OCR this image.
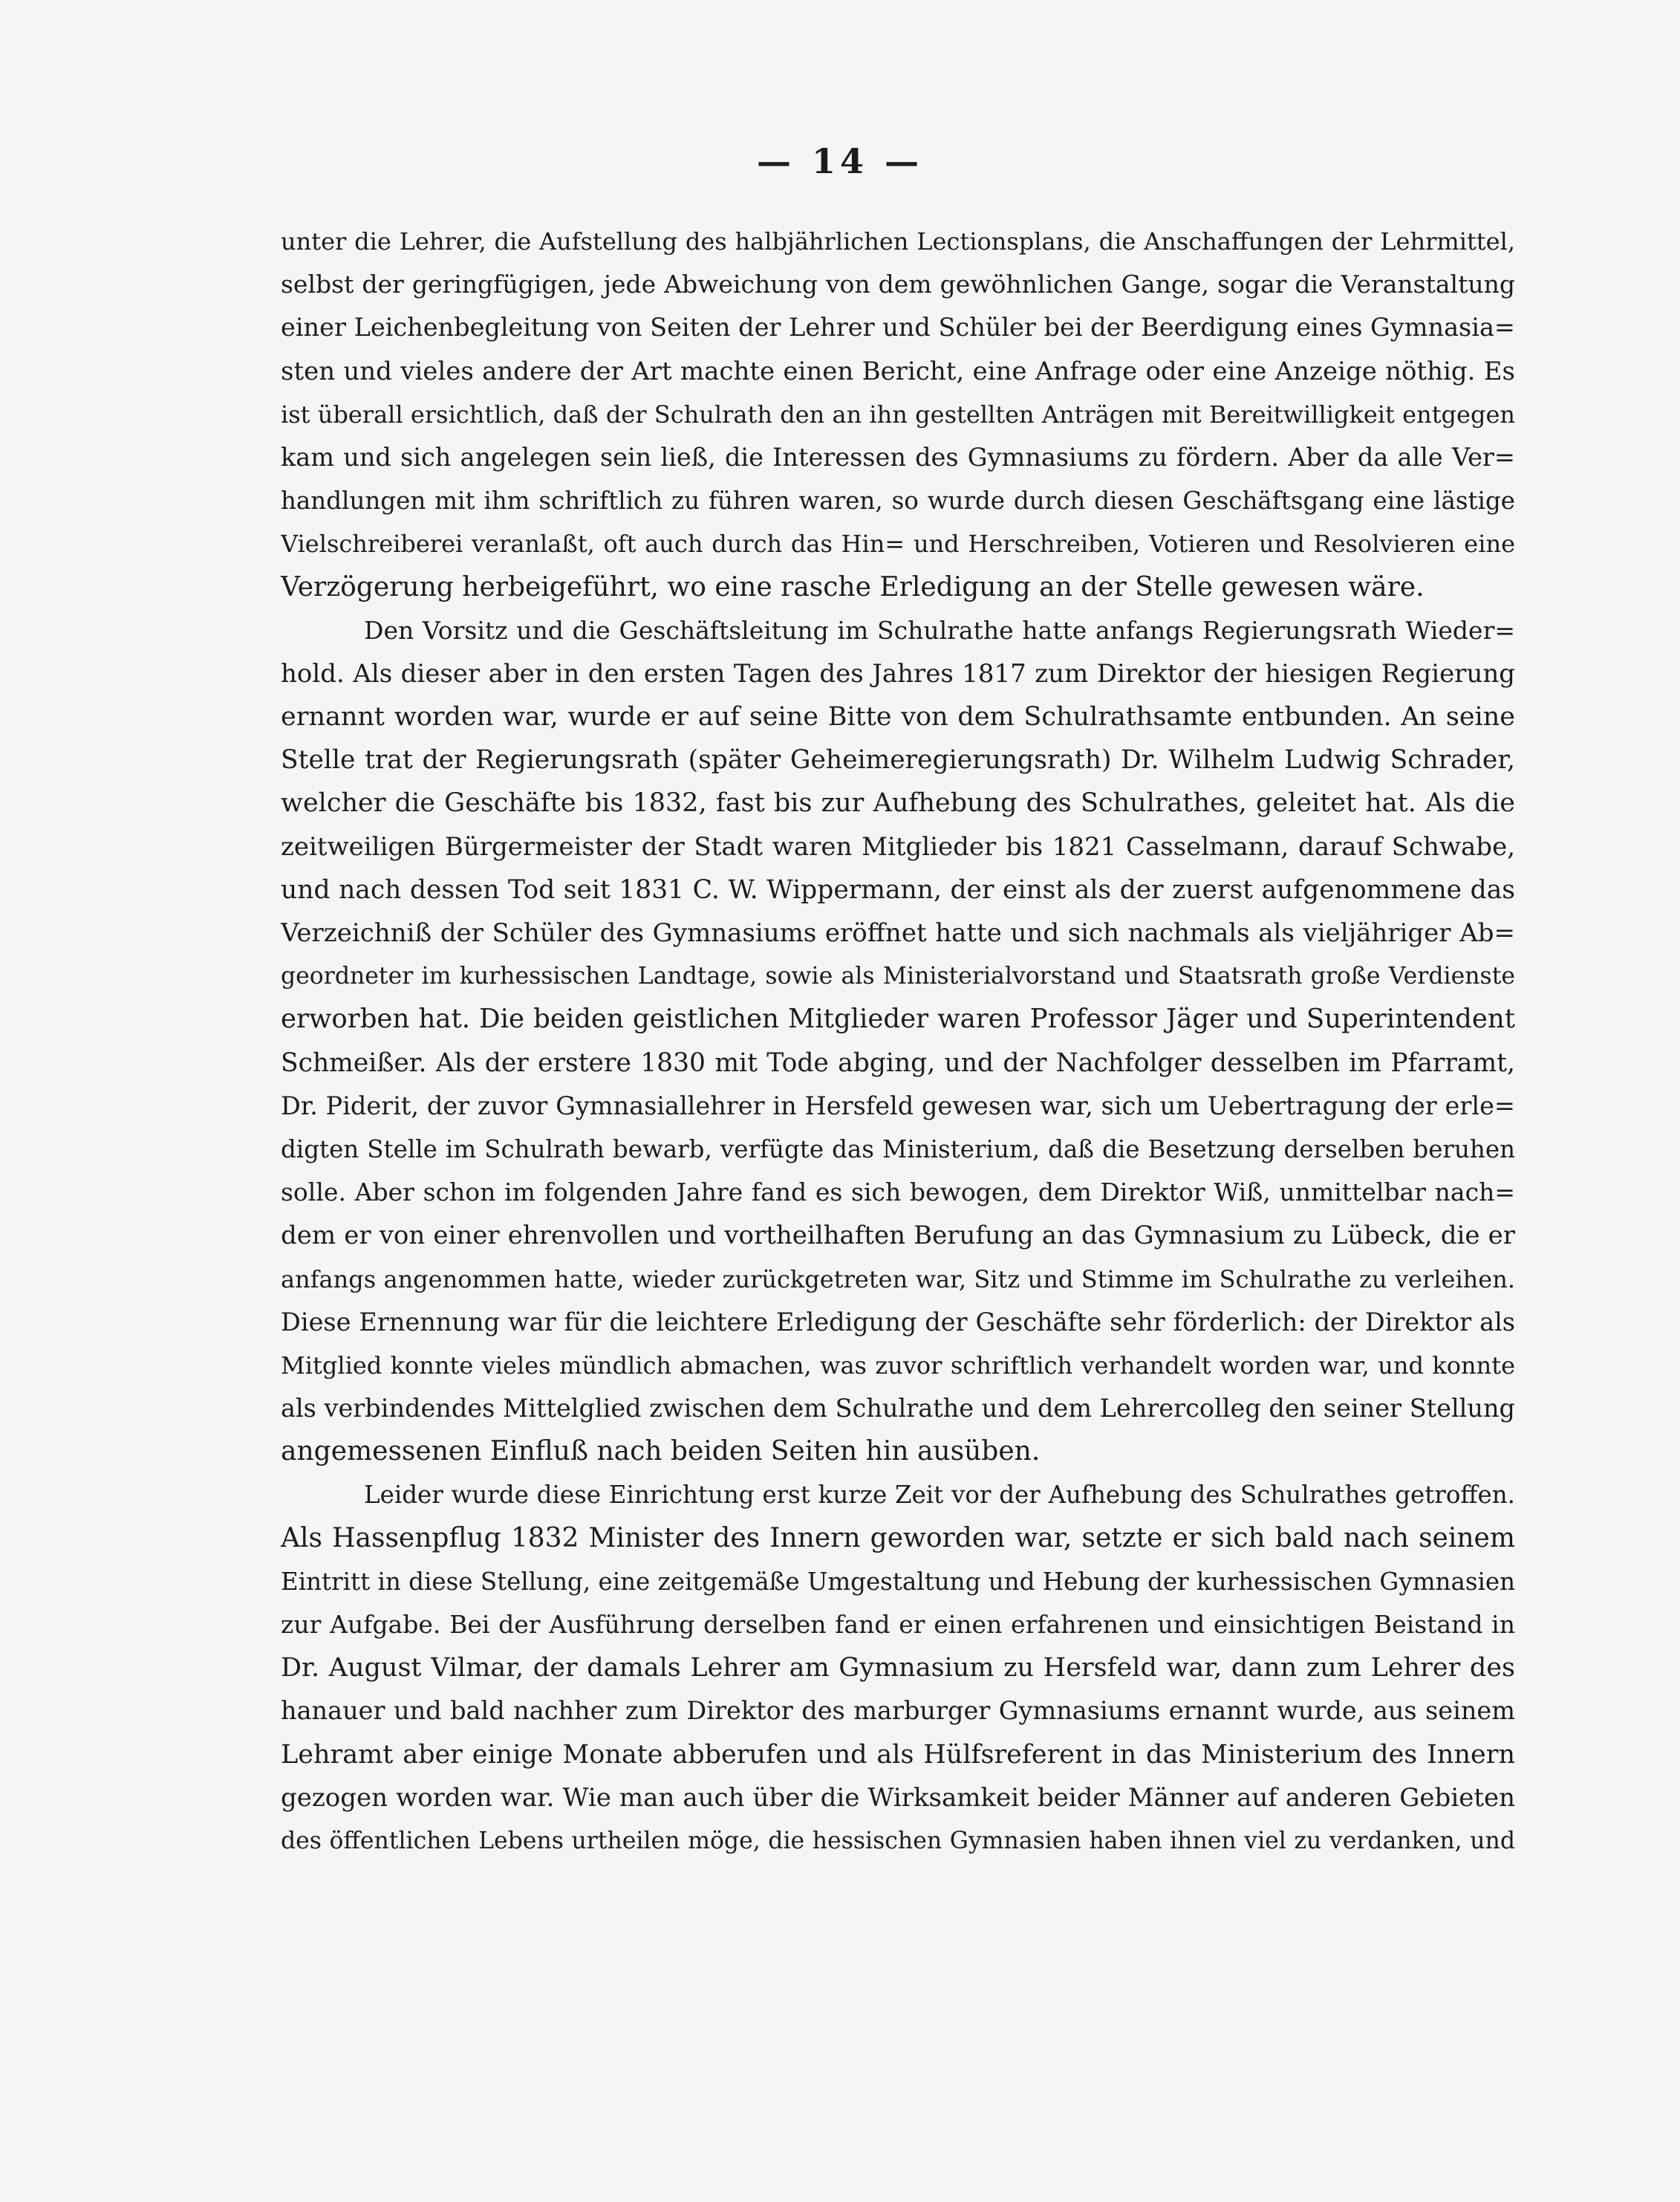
— 14 —
unter die Lehrer, die Aufstellung des halbjährlichen Lectionsplans, die Anschaffungen der Lehrmittel,
selbst der geringfügigen, jede Abweichung von dem gewöhnlichen Gange, sogar die Veranstaltung
einer Leichenbegleitung von Seiten der Lehrer und Schüler bei der Beerdigung eines Gymnasia=
sten und vieles andere der Art machte einen Bericht, eine Anfrage oder eine Anzeige nöthig. Es
ist überall ersichtlich, daß der Schulrath den an ihn gestellten Anträgen mit Bereitwilligkeit entgegen
kam und sich angelegen sein ließ, die Interessen des Gymnasiums zu fördern. Aber da alle Ver=
handlungen mit ihm schriftlich zu führen waren, so wurde durch diesen Geschäftsgang eine lästige
Vielschreiberei veranlaßt, oft auch durch das Hin= und Herschreiben, Votieren und Resolvieren eine
Verzögerung herbeigeführt, wo eine rasche Erledigung an der Stelle gewesen wäre.
Den Vorsitz und die Geschäftsleitung im Schulrathe hatte anfangs Regierungsrath Wieder=
hold. Als dieser aber in den ersten Tagen des Jahres 1817 zum Direktor der hiesigen Regierung
ernannt worden war, wurde er auf seine Bitte von dem Schulrathsamte entbunden. An seine
Stelle trat der Regierungsrath (später Geheimeregierungsrath) Dr. Wilhelm Ludwig Schrader,
welcher die Geschäfte bis 1832, fast bis zur Aufhebung des Schulrathes, geleitet hat. Als die
zeitweiligen Bürgermeister der Stadt waren Mitglieder bis 1821 Casselmann, darauf Schwabe,
und nach dessen Tod seit 1831 C. W. Wippermann, der einst als der zuerst aufgenommene das
Verzeichniß der Schüler des Gymnasiums eröffnet hatte und sich nachmals als vieljähriger Ab=
geordneter im kurhessischen Landtage, sowie als Ministerialvorstand und Staatsrath große Verdienste
erworben hat. Die beiden geistlichen Mitglieder waren Professor Jäger und Superintendent
Schmeißer. Als der erstere 1830 mit Tode abging, und der Nachfolger desselben im Pfarramt,
Dr. Piderit, der zuvor Gymnasiallehrer in Hersfeld gewesen war, sich um Uebertragung der erle=
digten Stelle im Schulrath bewarb, verfügte das Ministerium, daß die Besetzung derselben beruhen
solle. Aber schon im folgenden Jahre fand es sich bewogen, dem Direktor Wiß, unmittelbar nach=
dem er von einer ehrenvollen und vortheilhaften Berufung an das Gymnasium zu Lübeck, die er
anfangs angenommen hatte, wieder zurückgetreten war, Sitz und Stimme im Schulrathe zu verleihen.
Diese Ernennung war für die leichtere Erledigung der Geschäfte sehr förderlich: der Direktor als
Mitglied konnte vieles mündlich abmachen, was zuvor schriftlich verhandelt worden war, und konnte
als verbindendes Mittelglied zwischen dem Schulrathe und dem Lehrercolleg den seiner Stellung
angemessenen Einfluß nach beiden Seiten hin ausüben.
Leider wurde diese Einrichtung erst kurze Zeit vor der Aufhebung des Schulrathes getroffen.
Als Hassenpflug 1832 Minister des Innern geworden war, setzte er sich bald nach seinem
Eintritt in diese Stellung, eine zeitgemäße Umgestaltung und Hebung der kurhessischen Gymnasien
zur Aufgabe. Bei der Ausführung derselben fand er einen erfahrenen und einsichtigen Beistand in
Dr. August Vilmar, der damals Lehrer am Gymnasium zu Hersfeld war, dann zum Lehrer des
hanauer und bald nachher zum Direktor des marburger Gymnasiums ernannt wurde, aus seinem
Lehramt aber einige Monate abberufen und als Hülfsreferent in das Ministerium des Innern
gezogen worden war. Wie man auch über die Wirksamkeit beider Männer auf anderen Gebieten
des öffentlichen Lebens urtheilen möge, die hessischen Gymnasien haben ihnen viel zu verdanken, und
